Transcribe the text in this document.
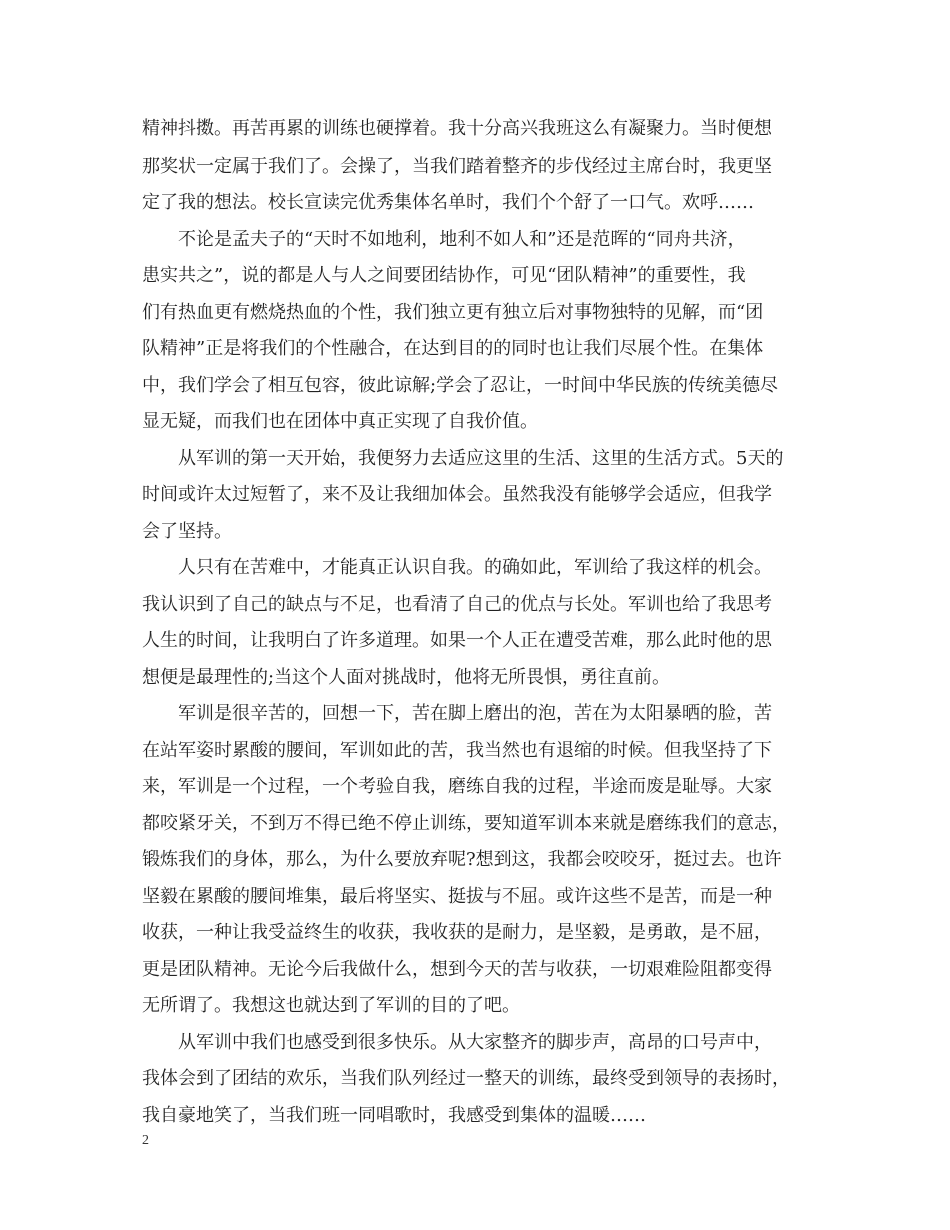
精神抖擞。再苦再累的训练也硬撑着。我十分高兴我班这么有凝聚力。当时便想
那奖状一定属于我们了。会操了，当我们踏着整齐的步伐经过主席台时，我更坚
定了我的想法。校长宣读完优秀集体名单时，我们个个舒了一口气。欢呼……
不论是孟夫子的“天时不如地利，地利不如人和”还是范晖的“同舟共济，
患实共之”，说的都是人与人之间要团结协作，可见“团队精神”的重要性，我
们有热血更有燃烧热血的个性，我们独立更有独立后对事物独特的见解，而“团
队精神”正是将我们的个性融合，在达到目的的同时也让我们尽展个性。在集体
中，我们学会了相互包容，彼此谅解;学会了忍让，一时间中华民族的传统美德尽
显无疑，而我们也在团体中真正实现了自我价值。
从军训的第一天开始，我便努力去适应这里的生活、这里的生活方式。5天的
时间或许太过短暂了，来不及让我细加体会。虽然我没有能够学会适应，但我学
会了坚持。
人只有在苦难中，才能真正认识自我。的确如此，军训给了我这样的机会。
我认识到了自己的缺点与不足，也看清了自己的优点与长处。军训也给了我思考
人生的时间，让我明白了许多道理。如果一个人正在遭受苦难，那么此时他的思
想便是最理性的;当这个人面对挑战时，他将无所畏惧，勇往直前。
军训是很辛苦的，回想一下，苦在脚上磨出的泡，苦在为太阳暴晒的脸，苦
在站军姿时累酸的腰间，军训如此的苦，我当然也有退缩的时候。但我坚持了下
来，军训是一个过程，一个考验自我，磨练自我的过程，半途而废是耻辱。大家
都咬紧牙关，不到万不得已绝不停止训练，要知道军训本来就是磨练我们的意志，
锻炼我们的身体，那么，为什么要放弃呢?想到这，我都会咬咬牙，挺过去。也许
坚毅在累酸的腰间堆集，最后将坚实、挺拔与不屈。或许这些不是苦，而是一种
收获，一种让我受益终生的收获，我收获的是耐力，是坚毅，是勇敢，是不屈，
更是团队精神。无论今后我做什么，想到今天的苦与收获，一切艰难险阻都变得
无所谓了。我想这也就达到了军训的目的了吧。
从军训中我们也感受到很多快乐。从大家整齐的脚步声，高昂的口号声中，
我体会到了团结的欢乐，当我们队列经过一整天的训练，最终受到领导的表扬时，
我自豪地笑了，当我们班一同唱歌时，我感受到集体的温暖……
2
